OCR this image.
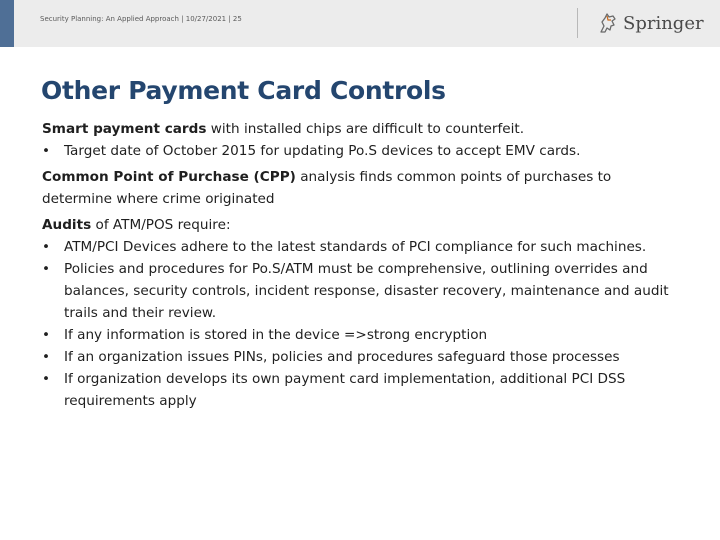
Security Planning: An Applied Approach | 10/27/2021 | 25	Springer
Other Payment Card Controls

Smart payment cards with installed chips are difficult to counterfeit.

• Target date of October 2015 for updating Po.S devices to accept EMV cards.

Common Point of Purchase (CPP) analysis finds common points of purchases to determine where crime originated

Audits of ATM/POS require:

• ATM/PCI Devices adhere to the latest standards of PCI compliance for such machines.

• Policies and procedures for Po.S/ATM must be comprehensive, outlining overrides and balances, security controls, incident response, disaster recovery, maintenance and audit trails and their review.

• If any information is stored in the device =>strong encryption

• If an organization issues PINs, policies and procedures safeguard those processes

• If organization develops its own payment card implementation, additional PCI DSS requirements apply
